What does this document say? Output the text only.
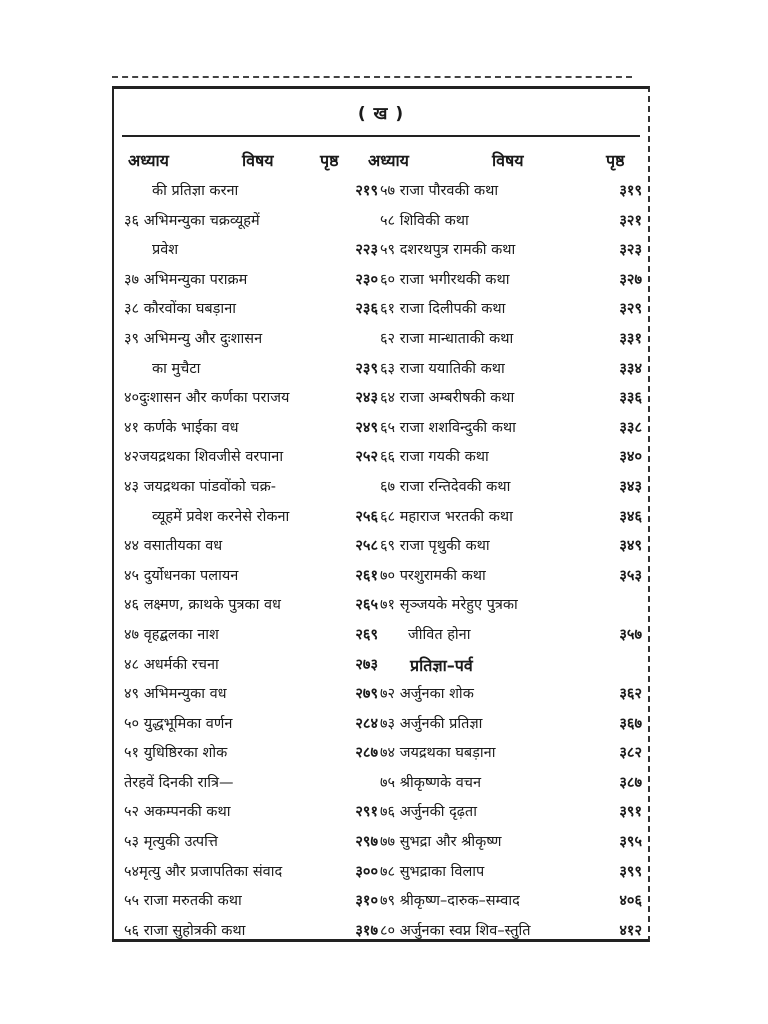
( ख )
अध्याय	विषय	पृष्ठ अध्याय	विषय	पृष्ठ
की प्रतिज्ञा करना	२१९
३६ अभिमन्युका चक्रव्यूहमें
प्रवेश	२२३
३७ अभिमन्युका पराक्रम	२३०
३८ कौरवोंका घबड़ाना	२३६
३९ अभिमन्यु और दुःशासन
का मुचैटा	२३९
४०दुःशासन और कर्णका पराजय	२४३
४१ कर्णके भाईका वध	२४९
४२जयद्रथका शिवजीसे वरपाना	२५२
४३ जयद्रथका पांडवोंको चक्र-
व्यूहमें प्रवेश करनेसे रोकना	२५६
४४ वसातीयका वध	२५८
४५ दुर्योधनका पलायन	२६१
४६ लक्ष्मण, क्राथके पुत्रका वध	२६५
४७ वृहद्बलका नाश	२६९
४८ अधर्मकी रचना	२७३
४९ अभिमन्युका वध	२७९
५० युद्धभूमिका वर्णन	२८४
५१ युधिष्ठिरका शोक	२८७
तेरहवें दिनकी रात्रि—
५२ अकम्पनकी कथा	२९१
५३ मृत्युकी उत्पत्ति	२९७
५४मृत्यु और प्रजापतिका संवाद	३००
५५ राजा मरुतकी कथा	३१०
५६ राजा सुहोत्रकी कथा	३१७
५७ राजा पौरवकी कथा	३१९
५८ शिविकी कथा	३२१
५९ दशरथपुत्र रामकी कथा	३२३
६० राजा भगीरथकी कथा	३२७
६१ राजा दिलीपकी कथा	३२९
६२ राजा मान्धाताकी कथा	३३१
६३ राजा ययातिकी कथा	३३४
६४ राजा अम्बरीषकी कथा	३३६
६५ राजा शशविन्दुकी कथा	३३८
६६ राजा गयकी कथा	३४०
६७ राजा रन्तिदेवकी कथा	३४३
६८ महाराज भरतकी कथा	३४६
६९ राजा पृथुकी कथा	३४९
७० परशुरामकी कथा	३५३
७१ सृञ्जयके मरेहुए पुत्रका
जीवित होना	३५७
प्रतिज्ञा–पर्व
७२ अर्जुनका शोक	३६२
७३ अर्जुनकी प्रतिज्ञा	३६७
७४ जयद्रथका घबड़ाना	३८२
७५ श्रीकृष्णके वचन	३८७
७६ अर्जुनकी दृढ़ता	३९१
७७ सुभद्रा और श्रीकृष्ण	३९५
७८ सुभद्राका विलाप	३९९
७९ श्रीकृष्ण–दारुक–सम्वाद	४०६
८० अर्जुनका स्वप्न शिव–स्तुति	४१२
